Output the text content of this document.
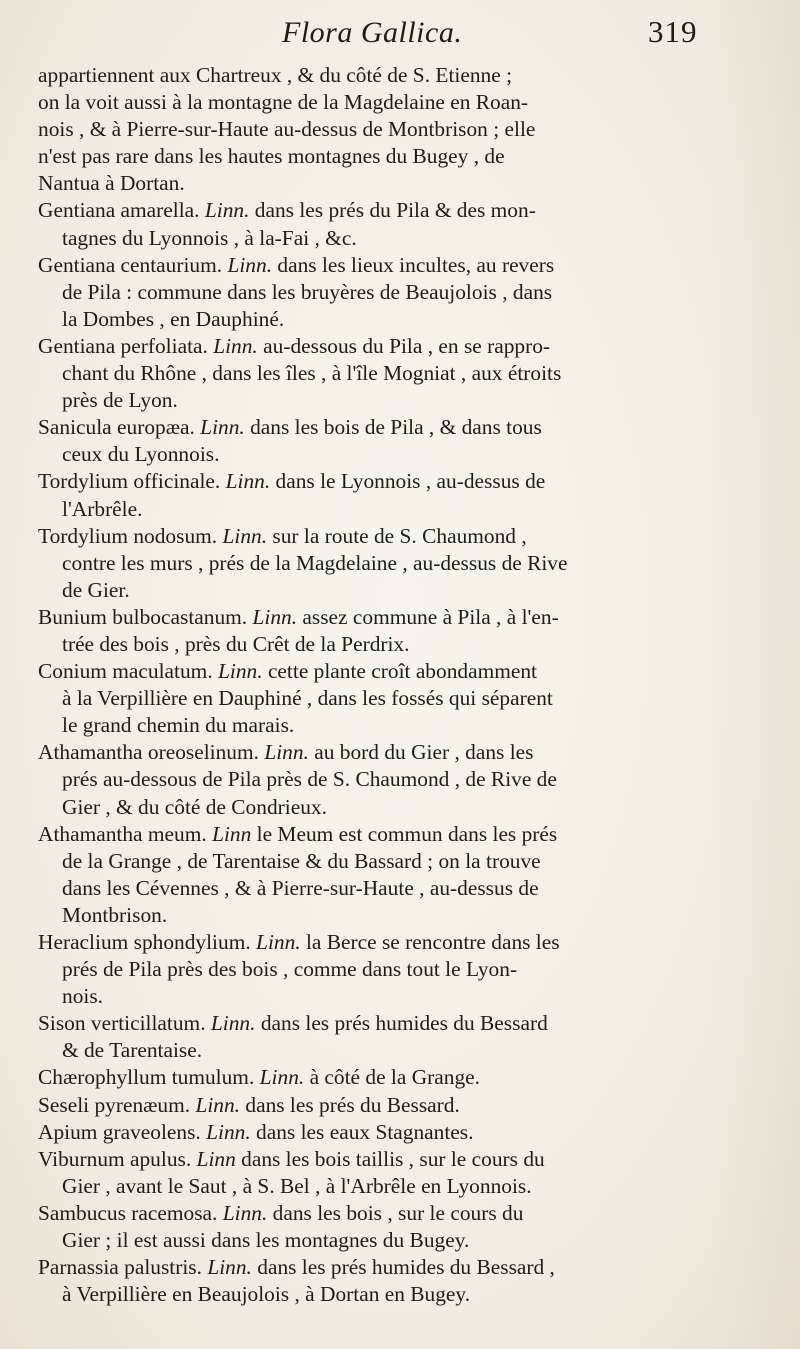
Flora Gallica.	319
appartiennent aux Chartreux , & du côté de S. Etienne ;
on la voit aussi à la montagne de la Magdelaine en Roan-
nois , & à Pierre-sur-Haute au-dessus de Montbrison ; elle
n'est pas rare dans les hautes montagnes du Bugey , de
Nantua à Dortan.
Gentiana amarella. Linn. dans les prés du Pila & des mon-
tagnes du Lyonnois , à la-Fai , &c.
Gentiana centaurium. Linn. dans les lieux incultes, au revers
de Pila : commune dans les bruyères de Beaujolois , dans
la Dombes , en Dauphiné.
Gentiana perfoliata. Linn. au-dessous du Pila , en se rappro-
chant du Rhône , dans les îles , à l'île Mogniat , aux étroits
près de Lyon.
Sanicula europæa. Linn. dans les bois de Pila , & dans tous
ceux du Lyonnois.
Tordylium officinale. Linn. dans le Lyonnois , au-dessus de
l'Arbrêle.
Tordylium nodosum. Linn. sur la route de S. Chaumond ,
contre les murs , prés de la Magdelaine , au-dessus de Rive
de Gier.
Bunium bulbocastanum. Linn. assez commune à Pila , à l'en-
trée des bois , près du Crêt de la Perdrix.
Conium maculatum. Linn. cette plante croît abondamment
à la Verpillière en Dauphiné , dans les fossés qui séparent
le grand chemin du marais.
Athamantha oreoselinum. Linn. au bord du Gier , dans les
prés au-dessous de Pila près de S. Chaumond , de Rive de
Gier , & du côté de Condrieux.
Athamantha meum. Linn le Meum est commun dans les prés
de la Grange , de Tarentaise & du Bassard ; on la trouve
dans les Cévennes , & à Pierre-sur-Haute , au-dessus de
Montbrison.
Heraclium sphondylium. Linn. la Berce se rencontre dans les
prés de Pila près des bois , comme dans tout le Lyon-
nois.
Sison verticillatum. Linn. dans les prés humides du Bessard
& de Tarentaise.
Chærophyllum tumulum. Linn. à côté de la Grange.
Seseli pyrenæum. Linn. dans les prés du Bessard.
Apium graveolens. Linn. dans les eaux Stagnantes.
Viburnum apulus. Linn dans les bois taillis , sur le cours du
Gier , avant le Saut , à S. Bel , à l'Arbrêle en Lyonnois.
Sambucus racemosa. Linn. dans les bois , sur le cours du
Gier ; il est aussi dans les montagnes du Bugey.
Parnassia palustris. Linn. dans les prés humides du Bessard ,
à Verpillière en Beaujolois , à Dortan en Bugey.
